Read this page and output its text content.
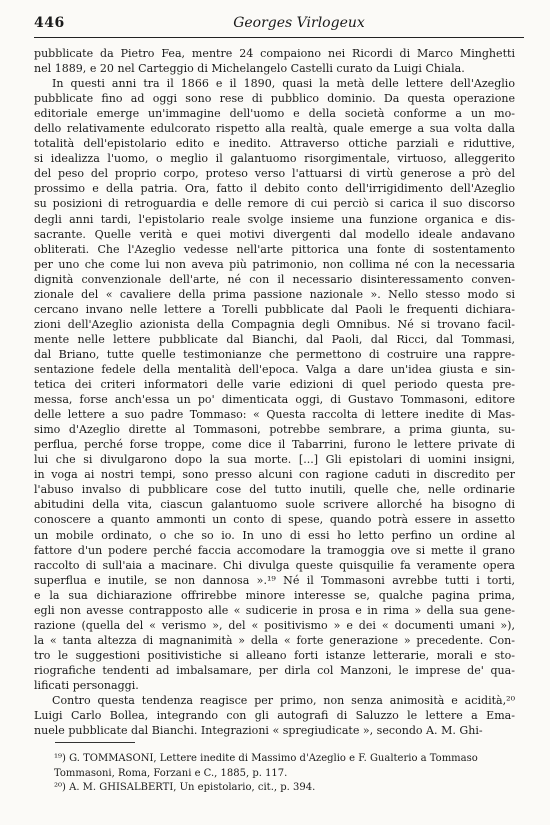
446	Georges Virlogeux
pubblicate da Pietro Fea, mentre 24 compaiono nei Ricordi di Marco Minghetti
nel 1889, e 20 nel Carteggio di Michelangelo Castelli curato da Luigi Chiala.
In questi anni tra il 1866 e il 1890, quasi la metà delle lettere dell'Azeglio
pubblicate fino ad oggi sono rese di pubblico dominio. Da questa operazione
editoriale emerge un'immagine dell'uomo e della società conforme a un mo-
dello relativamente edulcorato rispetto alla realtà, quale emerge a sua volta dalla
totalità dell'epistolario edito e inedito. Attraverso ottiche parziali e riduttive,
si idealizza l'uomo, o meglio il galantuomo risorgimentale, virtuoso, alleggerito
del peso del proprio corpo, proteso verso l'attuarsi di virtù generose a prò del
prossimo e della patria. Ora, fatto il debito conto dell'irrigidimento dell'Azeglio
su posizioni di retroguardia e delle remore di cui perciò si carica il suo discorso
degli anni tardi, l'epistolario reale svolge insieme una funzione organica e dis-
sacrante. Quelle verità e quei motivi divergenti dal modello ideale andavano
obliterati. Che l'Azeglio vedesse nell'arte pittorica una fonte di sostentamento
per uno che come lui non aveva più patrimonio, non collima né con la necessaria
dignità convenzionale dell'arte, né con il necessario disinteressamento conven-
zionale del « cavaliere della prima passione nazionale ». Nello stesso modo si
cercano invano nelle lettere a Torelli pubblicate dal Paoli le frequenti dichiara-
zioni dell'Azeglio azionista della Compagnia degli Omnibus. Né si trovano facil-
mente nelle lettere pubblicate dal Bianchi, dal Paoli, dal Ricci, dal Tommasi,
dal Briano, tutte quelle testimonianze che permettono di costruire una rappre-
sentazione fedele della mentalità dell'epoca. Valga a dare un'idea giusta e sin-
tetica dei criteri informatori delle varie edizioni di quel periodo questa pre-
messa, forse anch'essa un po' dimenticata oggi, di Gustavo Tommasoni, editore
delle lettere a suo padre Tommaso: « Questa raccolta di lettere inedite di Mas-
simo d'Azeglio dirette al Tommasoni, potrebbe sembrare, a prima giunta, su-
perflua, perché forse troppe, come dice il Tabarrini, furono le lettere private di
lui che si divulgarono dopo la sua morte. [...] Gli epistolari di uomini insigni,
in voga ai nostri tempi, sono presso alcuni con ragione caduti in discredito per
l'abuso invalso di pubblicare cose del tutto inutili, quelle che, nelle ordinarie
abitudini della vita, ciascun galantuomo suole scrivere allorché ha bisogno di
conoscere a quanto ammonti un conto di spese, quando potrà essere in assetto
un mobile ordinato, o che so io. In uno di essi ho letto perfino un ordine al
fattore d'un podere perché faccia accomodare la tramoggia ove si mette il grano
raccolto di sull'aia a macinare. Chi divulga queste quisquilie fa veramente opera
superflua e inutile, se non dannosa ».¹⁹ Né il Tommasoni avrebbe tutti i torti,
e la sua dichiarazione offrirebbe minore interesse se, qualche pagina prima,
egli non avesse contrapposto alle « sudicerie in prosa e in rima » della sua gene-
razione (quella del « verismo », del « positivismo » e dei « documenti umani »),
la « tanta altezza di magnanimità » della « forte generazione » precedente. Con-
tro le suggestioni positivistiche si alleano forti istanze letterarie, morali e sto-
riografiche tendenti ad imbalsamare, per dirla col Manzoni, le imprese de' qua-
lificati personaggi.
Contro questa tendenza reagisce per primo, non senza animosità e acidità,²⁰
Luigi Carlo Bollea, integrando con gli autografi di Saluzzo le lettere a Ema-
nuele pubblicate dal Bianchi. Integrazioni « spregiudicate », secondo A. M. Ghi-
¹⁹) G. TOMMASONI, Lettere inedite di Massimo d'Azeglio e F. Gualterio a Tommaso
Tommasoni, Roma, Forzani e C., 1885, p. 117.
²⁰) A. M. GHISALBERTI, Un epistolario, cit., p. 394.
